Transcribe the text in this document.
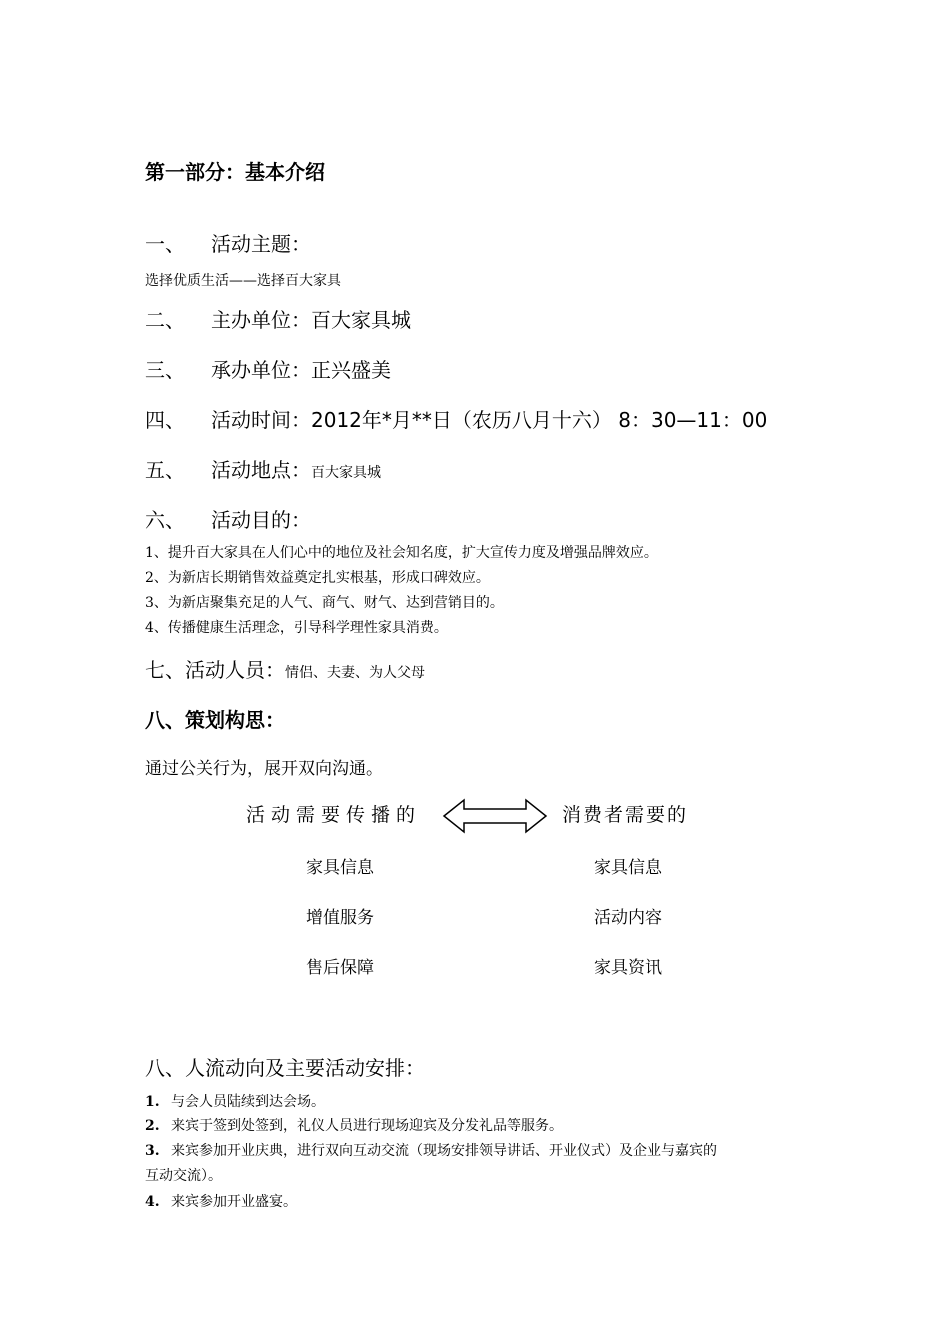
第一部分：基本介绍
一、 活动主题：
选择优质生活——选择百大家具
二、 主办单位：百大家具城
三、 承办单位：正兴盛美
四、 活动时间：2012年*月**日（农历八月十六） 8：30—11：00
五、 活动地点：百大家具城
六、 活动目的：
1、提升百大家具在人们心中的地位及社会知名度，扩大宣传力度及增强品牌效应。
2、为新店长期销售效益奠定扎实根基，形成口碑效应。
3、为新店聚集充足的人气、商气、财气、达到营销目的。
4、传播健康生活理念，引导科学理性家具消费。
七、活动人员：情侣、夫妻、为人父母
八、策划构思：
通过公关行为，展开双向沟通。
活动需要传播的	消费者需要的
家具信息
增值服务
售后保障
家具信息
活动内容
家具资讯
八、人流动向及主要活动安排：
1. 与会人员陆续到达会场。
2. 来宾于签到处签到，礼仪人员进行现场迎宾及分发礼品等服务。
3. 来宾参加开业庆典，进行双向互动交流（现场安排领导讲话、开业仪式）及企业与嘉宾的
互动交流）。
4. 来宾参加开业盛宴。
